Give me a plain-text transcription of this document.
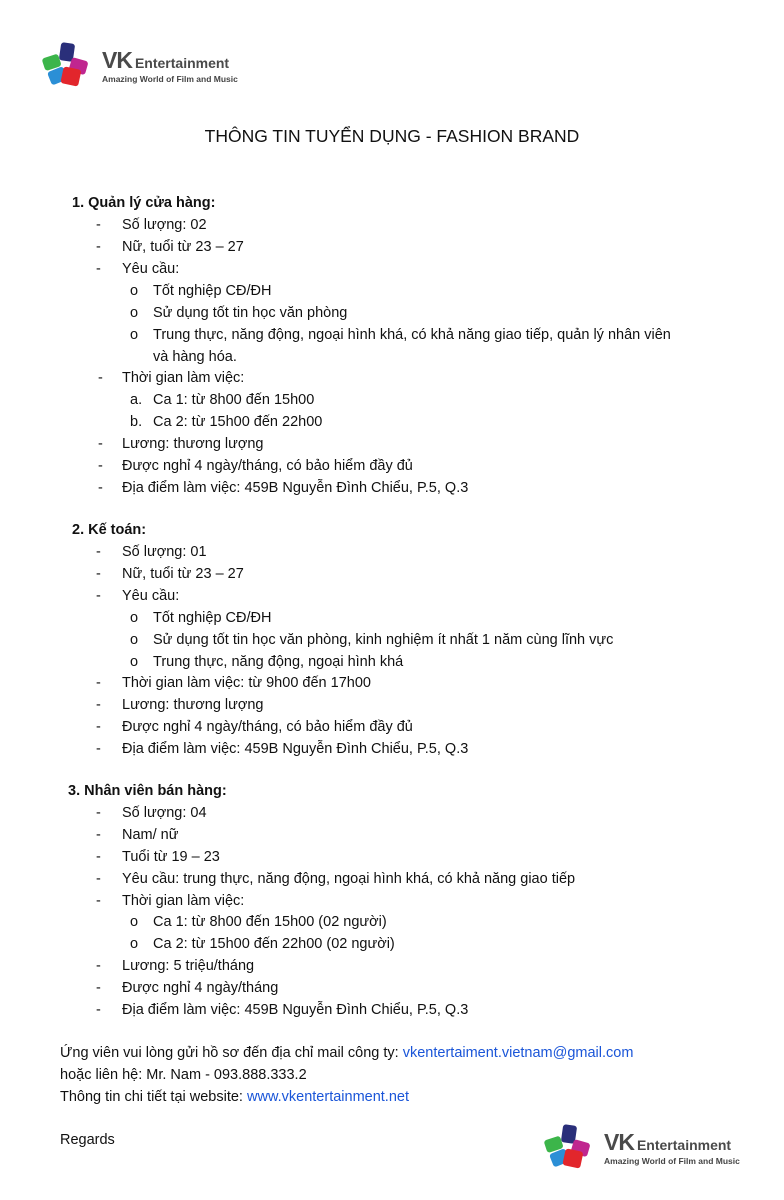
VK Entertainment
Amazing World of Film and Music
THÔNG TIN TUYỂN DỤNG - FASHION BRAND
1. Quản lý cửa hàng:
- Số lượng: 02
- Nữ, tuổi từ 23 – 27
- Yêu cầu:
o Tốt nghiệp CĐ/ĐH
o Sử dụng tốt tin học văn phòng
o Trung thực, năng động, ngoại hình khá, có khả năng giao tiếp, quản lý nhân viên
và hàng hóa.
- Thời gian làm việc:
a. Ca 1: từ 8h00 đến 15h00
b. Ca 2: từ 15h00 đến 22h00
- Lương: thương lượng
- Được nghỉ 4 ngày/tháng, có bảo hiểm đầy đủ
- Địa điểm làm việc: 459B Nguyễn Đình Chiểu, P.5, Q.3
2. Kế toán:
- Số lượng: 01
- Nữ, tuổi từ 23 – 27
- Yêu cầu:
o Tốt nghiệp CĐ/ĐH
o Sử dụng tốt tin học văn phòng, kinh nghiệm ít nhất 1 năm cùng lĩnh vực
o Trung thực, năng động, ngoại hình khá
- Thời gian làm việc: từ 9h00 đến 17h00
- Lương: thương lượng
- Được nghỉ 4 ngày/tháng, có bảo hiểm đầy đủ
- Địa điểm làm việc: 459B Nguyễn Đình Chiểu, P.5, Q.3
3. Nhân viên bán hàng:
- Số lượng: 04
- Nam/ nữ
- Tuổi từ 19 – 23
- Yêu cầu: trung thực, năng động, ngoại hình khá, có khả năng giao tiếp
- Thời gian làm việc:
o Ca 1: từ 8h00 đến 15h00 (02 người)
o Ca 2: từ 15h00 đến 22h00 (02 người)
- Lương: 5 triệu/tháng
- Được nghỉ 4 ngày/tháng
- Địa điểm làm việc: 459B Nguyễn Đình Chiểu, P.5, Q.3
Ứng viên vui lòng gửi hồ sơ đến địa chỉ mail công ty: vkentertaiment.vietnam@gmail.com
hoặc liên hệ: Mr. Nam - 093.888.333.2
Thông tin chi tiết tại website: www.vkentertainment.net
Regards	VK Entertainment
Amazing World of Film and Music
